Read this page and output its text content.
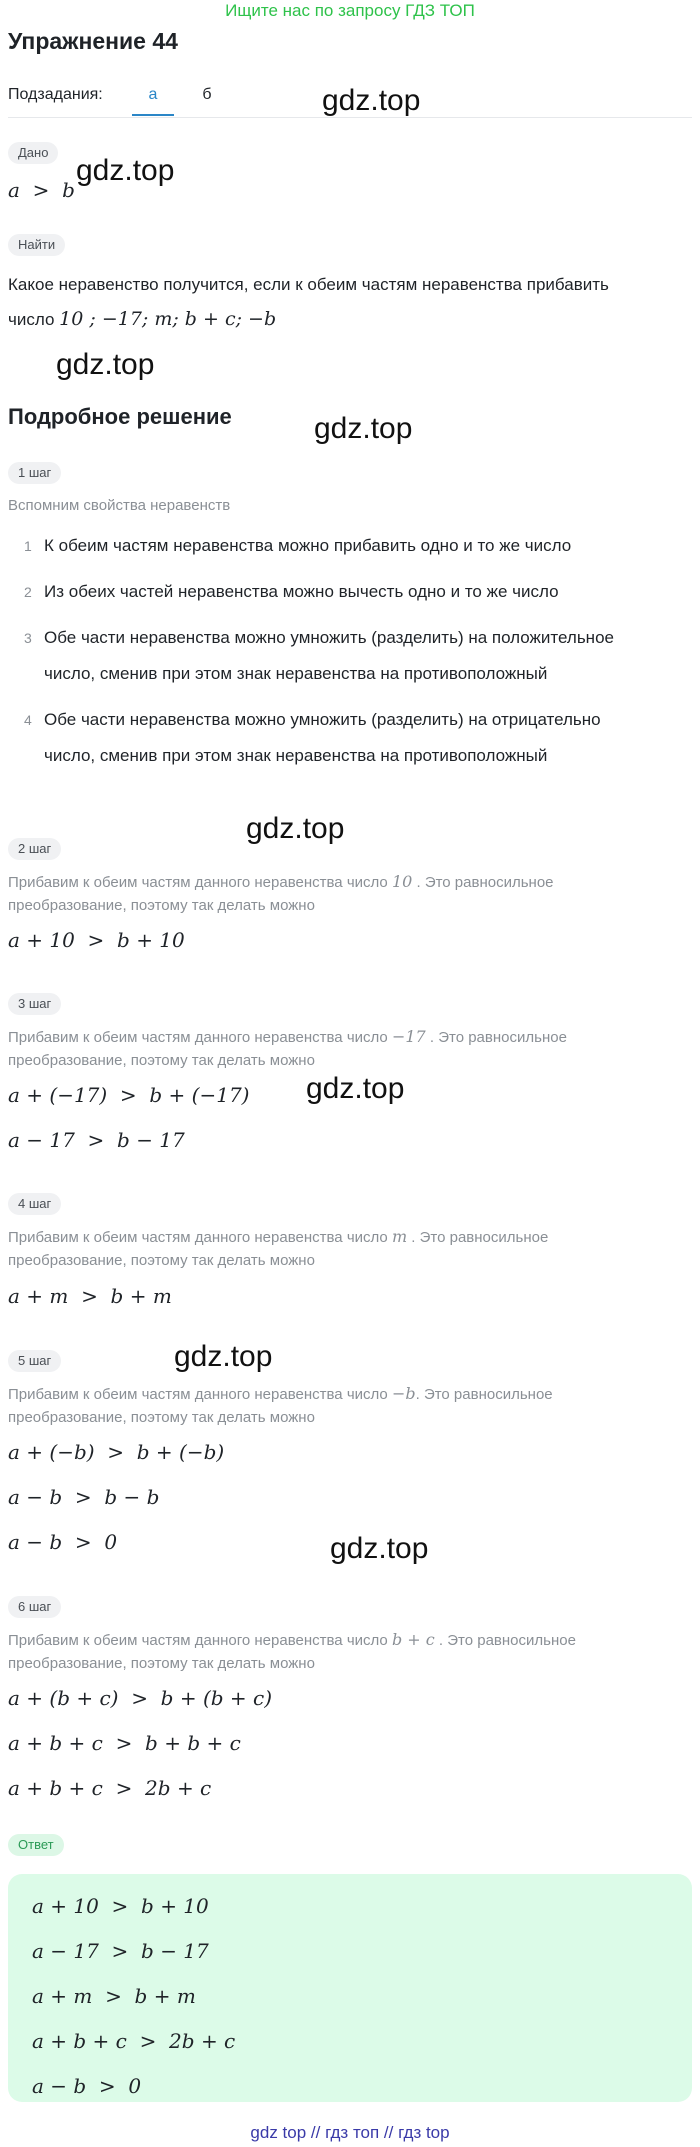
Ищите нас по запросу ГДЗ ТОП
Упражнение 44
Подзадания:	а	б	gdz.top
gdz.top
gdz.top
gdz.top
gdz.top
gdz.top
gdz.top
gdz.top
Дано
a  >  b
Найти
Какое неравенство получится, если к обеим частям неравенства прибавить
число 10 ; −17; m; b + c; −b
Подробное решение
1 шаг
Вспомним свойства неравенств
1 К обеим частям неравенства можно прибавить одно и то же число
2 Из обеих частей неравенства можно вычесть одно и то же число
3 Обе части неравенства можно умножить (разделить) на положительное
число, сменив при этом знак неравенства на противоположный
4 Обе части неравенства можно умножить (разделить) на отрицательно
число, сменив при этом знак неравенства на противоположный
2 шаг
Прибавим к обеим частям данного неравенства число 10 . Это равносильное
преобразование, поэтому так делать можно
a + 10  >  b + 10
3 шаг
Прибавим к обеим частям данного неравенства число −17 . Это равносильное
преобразование, поэтому так делать можно
a + (−17)  >  b + (−17)
a − 17  >  b − 17
4 шаг
Прибавим к обеим частям данного неравенства число m . Это равносильное
преобразование, поэтому так делать можно
a + m  >  b + m
5 шаг
Прибавим к обеим частям данного неравенства число −b. Это равносильное
преобразование, поэтому так делать можно
a + (−b)  >  b + (−b)
a − b  >  b − b
a − b  >  0
6 шаг
Прибавим к обеим частям данного неравенства число b + c . Это равносильное
преобразование, поэтому так делать можно
a + (b + c)  >  b + (b + c)
a + b + c  >  b + b + c
a + b + c  >  2b + c
Ответ
a + 10  >  b + 10
a − 17  >  b − 17
a + m  >  b + m
a + b + c  >  2b + c
a − b  >  0
gdz top // гдз топ // гдз top
